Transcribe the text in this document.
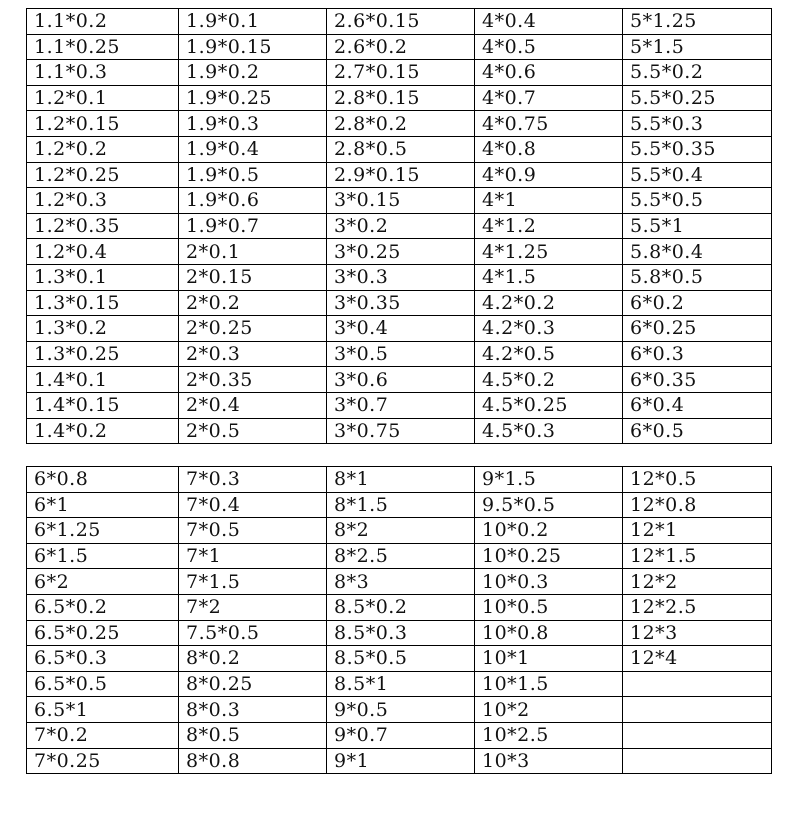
1.1*0.2	1.9*0.1	2.6*0.15	4*0.4	5*1.25
1.1*0.25	1.9*0.15	2.6*0.2	4*0.5	5*1.5
1.1*0.3	1.9*0.2	2.7*0.15	4*0.6	5.5*0.2
1.2*0.1	1.9*0.25	2.8*0.15	4*0.7	5.5*0.25
1.2*0.15	1.9*0.3	2.8*0.2	4*0.75	5.5*0.3
1.2*0.2	1.9*0.4	2.8*0.5	4*0.8	5.5*0.35
1.2*0.25	1.9*0.5	2.9*0.15	4*0.9	5.5*0.4
1.2*0.3	1.9*0.6	3*0.15	4*1	5.5*0.5
1.2*0.35	1.9*0.7	3*0.2	4*1.2	5.5*1
1.2*0.4	2*0.1	3*0.25	4*1.25	5.8*0.4
1.3*0.1	2*0.15	3*0.3	4*1.5	5.8*0.5
1.3*0.15	2*0.2	3*0.35	4.2*0.2	6*0.2
1.3*0.2	2*0.25	3*0.4	4.2*0.3	6*0.25
1.3*0.25	2*0.3	3*0.5	4.2*0.5	6*0.3
1.4*0.1	2*0.35	3*0.6	4.5*0.2	6*0.35
1.4*0.15	2*0.4	3*0.7	4.5*0.25	6*0.4
1.4*0.2	2*0.5	3*0.75	4.5*0.3	6*0.5
6*0.8	7*0.3	8*1	9*1.5	12*0.5
6*1	7*0.4	8*1.5	9.5*0.5	12*0.8
6*1.25	7*0.5	8*2	10*0.2	12*1
6*1.5	7*1	8*2.5	10*0.25	12*1.5
6*2	7*1.5	8*3	10*0.3	12*2
6.5*0.2	7*2	8.5*0.2	10*0.5	12*2.5
6.5*0.25	7.5*0.5	8.5*0.3	10*0.8	12*3
6.5*0.3	8*0.2	8.5*0.5	10*1	12*4
6.5*0.5	8*0.25	8.5*1	10*1.5	
6.5*1	8*0.3	9*0.5	10*2	
7*0.2	8*0.5	9*0.7	10*2.5	
7*0.25	8*0.8	9*1	10*3	
